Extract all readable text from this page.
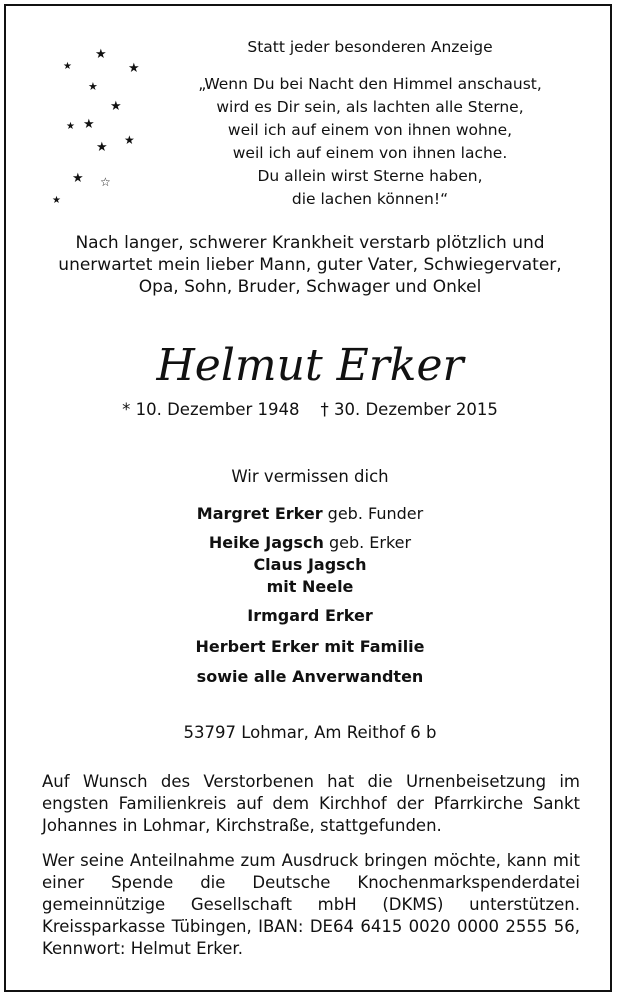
★
★	★
★
★
★ ★
★
★
★ ☆
★
Statt jeder besonderen Anzeige
„Wenn Du bei Nacht den Himmel anschaust,
wird es Dir sein, als lachten alle Sterne,
weil ich auf einem von ihnen wohne,
weil ich auf einem von ihnen lache.
Du allein wirst Sterne haben,
die lachen können!“
Nach langer, schwerer Krankheit verstarb plötzlich und
unerwartet mein lieber Mann, guter Vater, Schwiegervater,
Opa, Sohn, Bruder, Schwager und Onkel
Helmut Erker
* 10. Dezember 1948 † 30. Dezember 2015
Wir vermissen dich
Margret Erker geb. Funder
Heike Jagsch geb. Erker
Claus Jagsch
mit Neele
Irmgard Erker
Herbert Erker mit Familie
sowie alle Anverwandten
53797 Lohmar, Am Reithof 6 b
Auf Wunsch des Verstorbenen hat die Urnenbeisetzung im engsten Familienkreis auf dem Kirchhof der Pfarrkirche Sankt Johannes in Lohmar, Kirchstraße, stattgefunden.
Wer seine Anteilnahme zum Ausdruck bringen möchte, kann mit einer Spende die Deutsche Knochenmarkspenderdatei gemeinnützige Gesellschaft mbH (DKMS) unterstützen. Kreissparkasse Tübingen, IBAN: DE64 6415 0020 0000 2555 56, Kennwort: Helmut Erker.
